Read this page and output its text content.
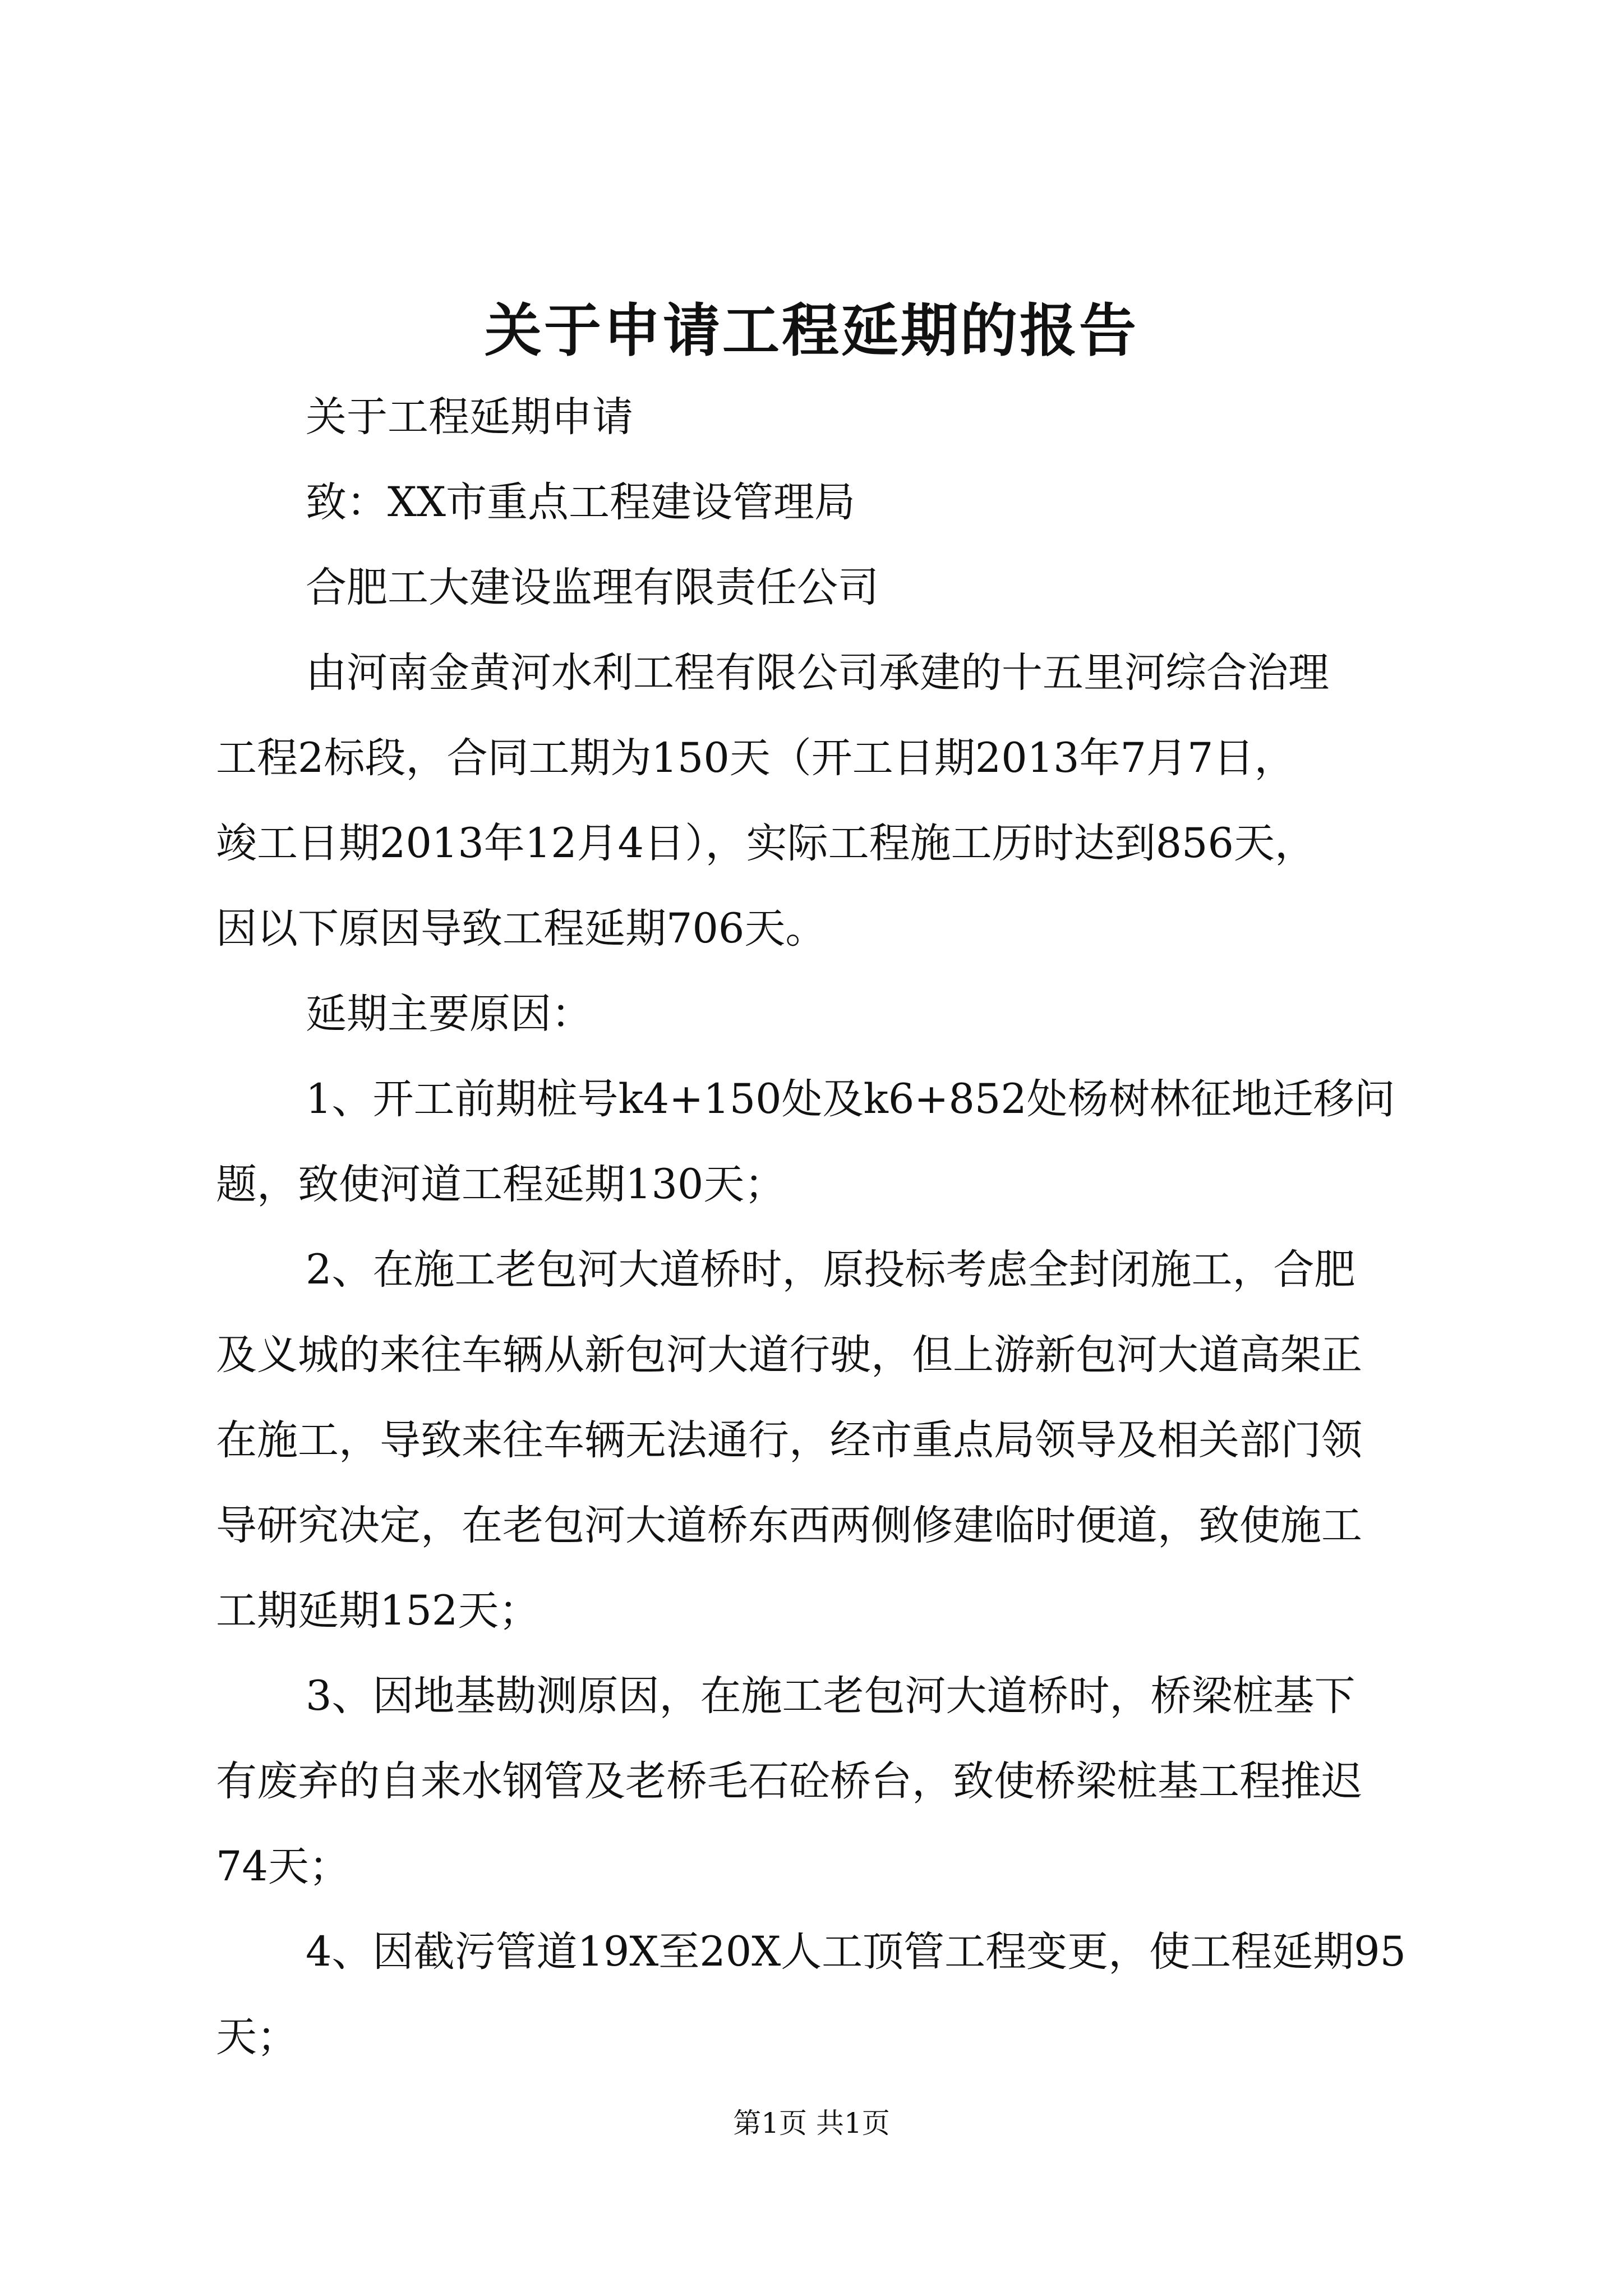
关于申请工程延期的报告

关于工程延期申请

致：XX市重点工程建设管理局

合肥工大建设监理有限责任公司

由河南金黄河水利工程有限公司承建的十五里河综合治理
工程2标段，合同工期为150天（开工日期2013年7月7日，
竣工日期2013年12月4日），实际工程施工历时达到856天，
因以下原因导致工程延期706天。

延期主要原因：

1、开工前期桩号k4+150处及k6+852处杨树林征地迁移问
题，致使河道工程延期130天；

2、在施工老包河大道桥时，原投标考虑全封闭施工，合肥
及义城的来往车辆从新包河大道行驶，但上游新包河大道高架正
在施工，导致来往车辆无法通行，经市重点局领导及相关部门领
导研究决定，在老包河大道桥东西两侧修建临时便道，致使施工
工期延期152天；

3、因地基勘测原因，在施工老包河大道桥时，桥梁桩基下
有废弃的自来水钢管及老桥毛石砼桥台，致使桥梁桩基工程推迟
74天；

4、因截污管道19X至20X人工顶管工程变更，使工程延期95
天；

第1页 共1页
